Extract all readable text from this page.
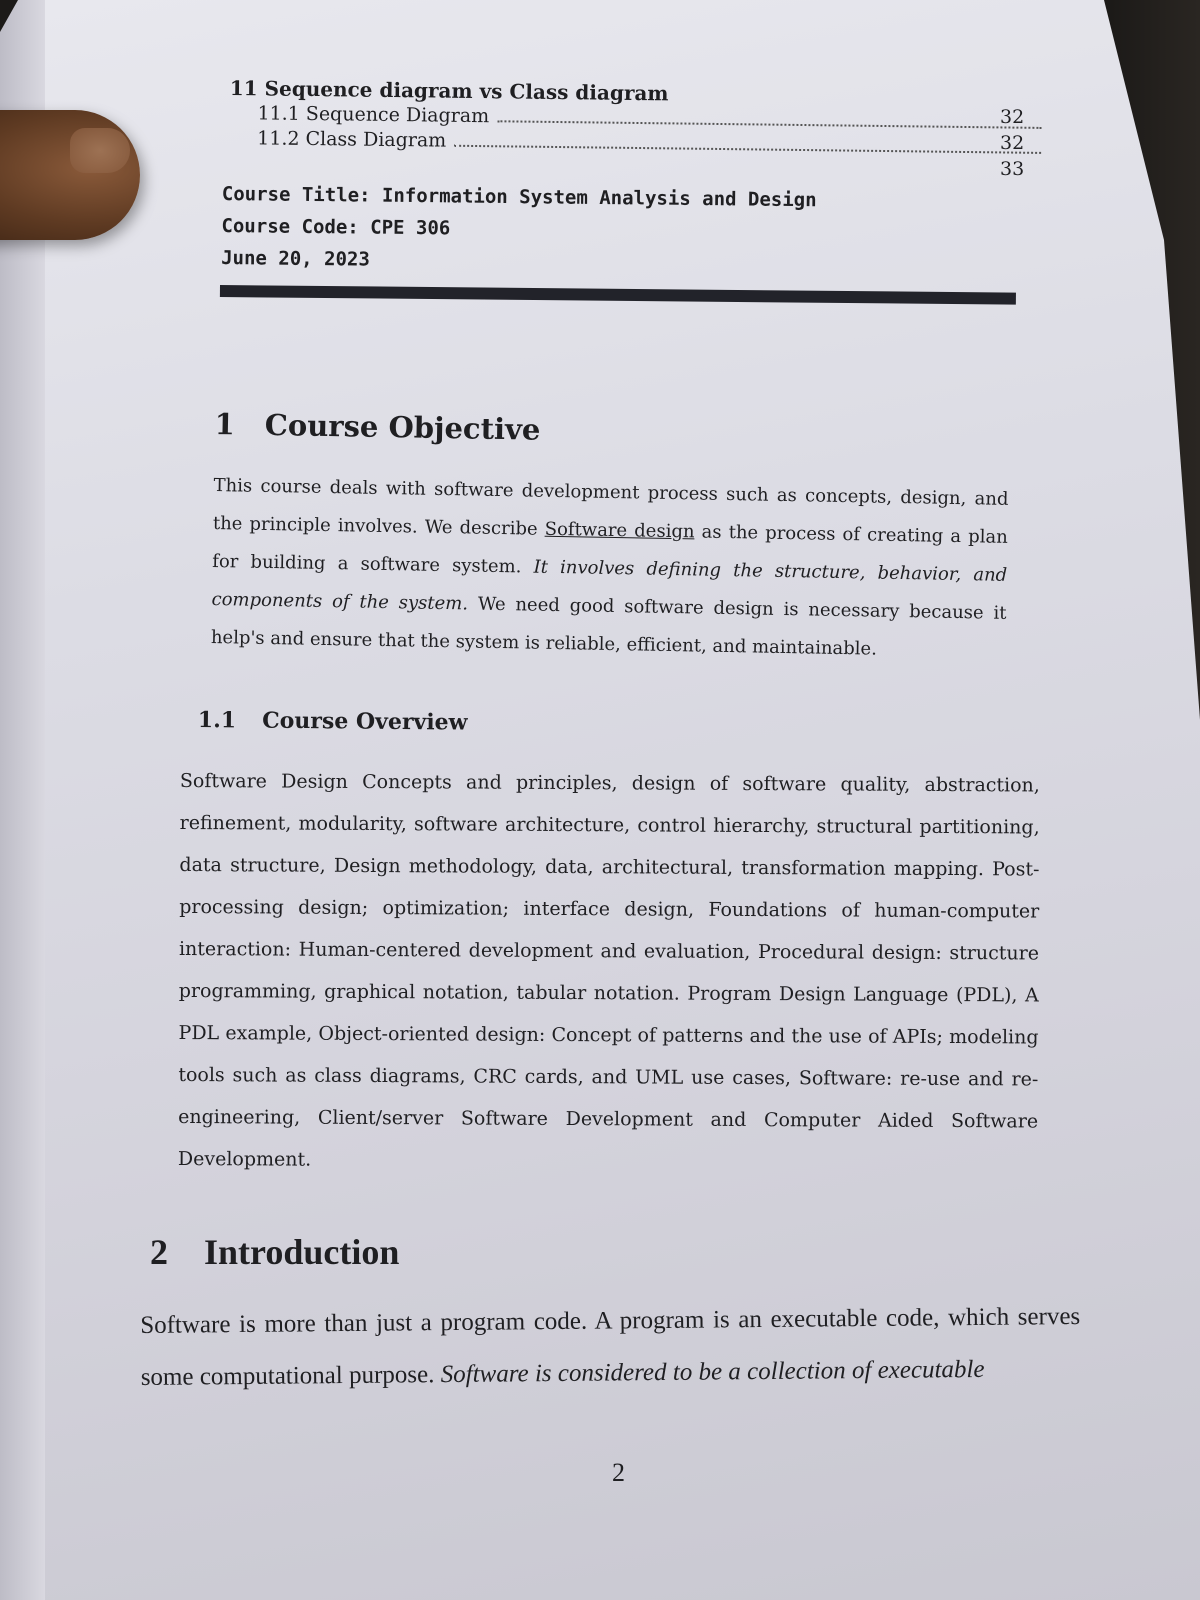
11 Sequence diagram vs Class diagram
11.1 Sequence Diagram
11.2 Class Diagram
32
32
33
Course Title: Information System Analysis and Design
Course Code: CPE 306
June 20, 2023
1 Course Objective

This course deals with software development process such as concepts, design, and the principle involves. We describe Software design as the process of creating a plan for building a software system. It involves defining the structure, behavior, and components of the system. We need good software design is necessary because it help's and ensure that the system is reliable, efficient, and maintainable.

1.1 Course Overview

Software Design Concepts and principles, design of software quality, abstraction, refinement, modularity, software architecture, control hierarchy, structural partitioning, data structure, Design methodology, data, architectural, transformation mapping. Post-processing design; optimization; interface design, Foundations of human-computer interaction: Human-centered development and evaluation, Procedural design: structure programming, graphical notation, tabular notation. Program Design Language (PDL), A PDL example, Object-oriented design: Concept of patterns and the use of APIs; modeling tools such as class diagrams, CRC cards, and UML use cases, Software: re-use and re- engineering, Client/server Software Development and Computer Aided Software Development.

2 Introduction

Software is more than just a program code. A program is an executable code, which serves some computational purpose. Software is considered to be a collection of executable

2
